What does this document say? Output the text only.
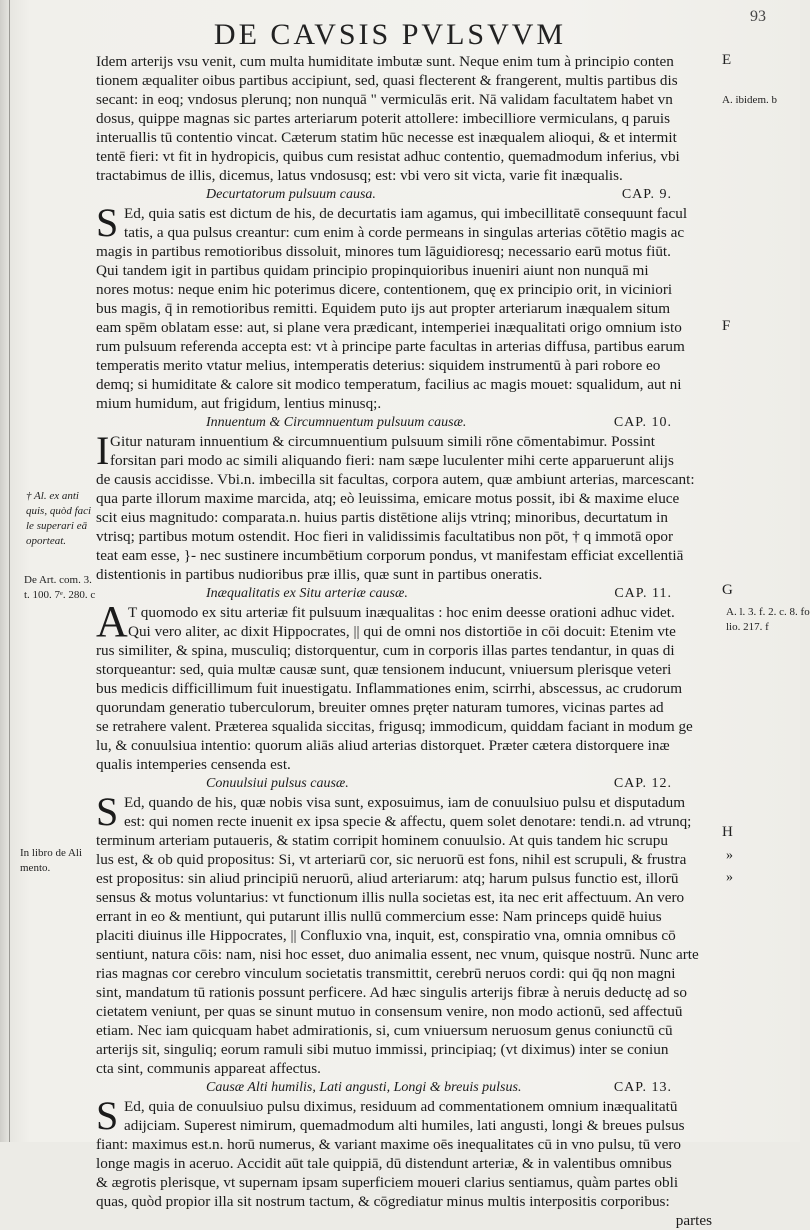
93
DE CAVSIS PVLSVVM
Idem arterijs vsu venit, cum multa humiditate imbutæ sunt. Neque enim tum à principio conten
tionem æqualiter oibus partibus accipiunt, sed, quasi flecterent & frangerent, multis partibus dis
secant: in eoq; vndosus plerunq; non nunquā " vermiculās erit. Nā validam facultatem habet vn
dosus, quippe magnas sic partes arteriarum poterit attollere: imbecilliore vermiculans, q paruis
interuallis tū contentio vincat. Cæterum statim hūc necesse est inæqualem alioqui, & et intermit
tentē fieri: vt fit in hydropicis, quibus cum resistat adhuc contentio, quemadmodum inferius, vbi
tractabimus de illis, dicemus, latus vndosusq; est: vbi vero sit victa, varie fit inæqualis.
Decurtatorum pulsuum causa.	CAP. 9.
S Ed, quia satis est dictum de his, de decurtatis iam agamus, qui imbecillitatē consequunt facul
tatis, a qua pulsus creantur: cum enim à corde permeans in singulas arterias cōtētio magis ac
magis in partibus remotioribus dissoluit, minores tum lāguidioresq; necessario earū motus fiūt.
Qui tandem igit in partibus quidam principio propinquioribus inueniri aiunt non nunquā mi
nores motus: neque enim hic poterimus dicere, contentionem, quę ex principio orit, in viciniori
bus magis, q̄ in remotioribus remitti. Equidem puto ijs aut propter arteriarum inæqualem situm
eam spēm oblatam esse: aut, si plane vera prædicant, intemperiei inæqualitati origo omnium isto
rum pulsuum referenda accepta est: vt à principe parte facultas in arterias diffusa, partibus earum
temperatis merito vtatur melius, intemperatis deterius: siquidem instrumentū à pari robore eo
demq; si humiditate & calore sit modico temperatum, facilius ac magis mouet: squalidum, aut ni
mium humidum, aut frigidum, lentius minusq;.
Innuentum & Circumnuentum pulsuum causæ.	CAP. 10.
I Gitur naturam innuentium & circumnuentium pulsuum simili rōne cōmentabimur. Possint
forsitan pari modo ac simili aliquando fieri: nam sæpe luculenter mihi certe apparuerunt alijs
de causis accidisse. Vbi.n. imbecilla sit facultas, corpora autem, quæ ambiunt arterias, marcescant:
qua parte illorum maxime marcida, atq; eò leuissima, emicare motus possit, ibi & maxime eluce
scit eius magnitudo: comparata.n. huius partis distētione alijs vtrinq; minoribus, decurtatum in
vtrisq; partibus motum ostendit. Hoc fieri in validissimis facultatibus non pōt, † q immotā opor
teat eam esse, }- nec sustinere incumbētium corporum pondus, vt manifestam efficiat excellentiā
distentionis in partibus nudioribus præ illis, quæ sunt in partibus oneratis.
Inæqualitatis ex Situ arteriæ causæ.	CAP. 11.
A T quomodo ex situ arteriæ fit pulsuum inæqualitas : hoc enim deesse orationi adhuc videt.
Qui vero aliter, ac dixit Hippocrates, || qui de omni nos distortiōe in cōi docuit: Etenim vte
rus similiter, & spina, musculiq; distorquentur, cum in corporis illas partes tendantur, in quas di
storqueantur: sed, quia multæ causæ sunt, quæ tensionem inducunt, vniuersum plerisque veteri
bus medicis difficillimum fuit inuestigatu. Inflammationes enim, scirrhi, abscessus, ac crudorum
quorundam generatio tuberculorum, breuiter omnes pręter naturam tumores, vicinas partes ad
se retrahere valent. Præterea squalida siccitas, frigusq; immodicum, quiddam faciant in modum ge
lu, & conuulsiua intentio: quorum aliās aliud arterias distorquet. Præter cætera distorquere inæ
qualis intemperies censenda est.
Conuulsiui pulsus causæ.	CAP. 12.
S Ed, quando de his, quæ nobis visa sunt, exposuimus, iam de conuulsiuo pulsu et disputadum
est: qui nomen recte inuenit ex ipsa specie & affectu, quem solet denotare: tendi.n. ad vtrunq;
terminum arteriam putaueris, & statim corripit hominem conuulsio. At quis tandem hic scrupu
lus est, & ob quid propositus: Si, vt arteriarū cor, sic neruorū est fons, nihil est scrupuli, & frustra
est propositus: sin aliud principiū neruorū, aliud arteriarum: atq; harum pulsus functio est, illorū
sensus & motus voluntarius: vt functionum illis nulla societas est, ita nec erit affectuum. An vero
errant in eo & mentiunt, qui putarunt illis nullū commercium esse: Nam princeps quidē huius
placiti diuinus ille Hippocrates, || Confluxio vna, inquit, est, conspiratio vna, omnia omnibus cō
sentiunt, natura cōis: nam, nisi hoc esset, duo animalia essent, nec vnum, quisque nostrū. Nunc arte
rias magnas cor cerebro vinculum societatis transmittit, cerebrū neruos cordi: qui q̄q non magni
sint, mandatum tū rationis possunt perficere. Ad hæc singulis arterijs fibræ à neruis deductę ad so
cietatem veniunt, per quas se sinunt mutuo in consensum venire, non modo actionū, sed affectuū
etiam. Nec iam quicquam habet admirationis, si, cum vniuersum neruosum genus coniunctū cū
arterijs sit, singuliq; eorum ramuli sibi mutuo immissi, principiaq; (vt diximus) inter se coniun
cta sint, communis appareat affectus.
Causæ Alti humilis, Lati angusti, Longi & breuis pulsus.	CAP. 13.
S Ed, quia de conuulsiuo pulsu diximus, residuum ad commentationem omnium inæqualitatū
adijciam. Superest nimirum, quemadmodum alti humiles, lati angusti, longi & breues pulsus
fiant: maximus est.n. horū numerus, & variant maxime oēs inequalitates cū in vno pulsu, tū vero
longe magis in aceruo. Accidit aūt tale quippiā, dū distendunt arteriæ, & in valentibus omnibus
& ægrotis plerisque, vt supernam ipsam superficiem moueri clarius sentiamus, quàm partes obli
quas, quòd propior illa sit nostrum tactum, & cōgrediatur minus multis interpositis corporibus:
partes
A. ibidem. b
† Al. ex anti
quis, quòd faci
le superari eā
oporteat.
De Art. com. 3.
t. 100. 7ᵉ. 280. c
A. l. 3. f. 2. c. 8. fo
lio. 217. f
In libro de Ali
mento.
»
»
E
F
G
H
